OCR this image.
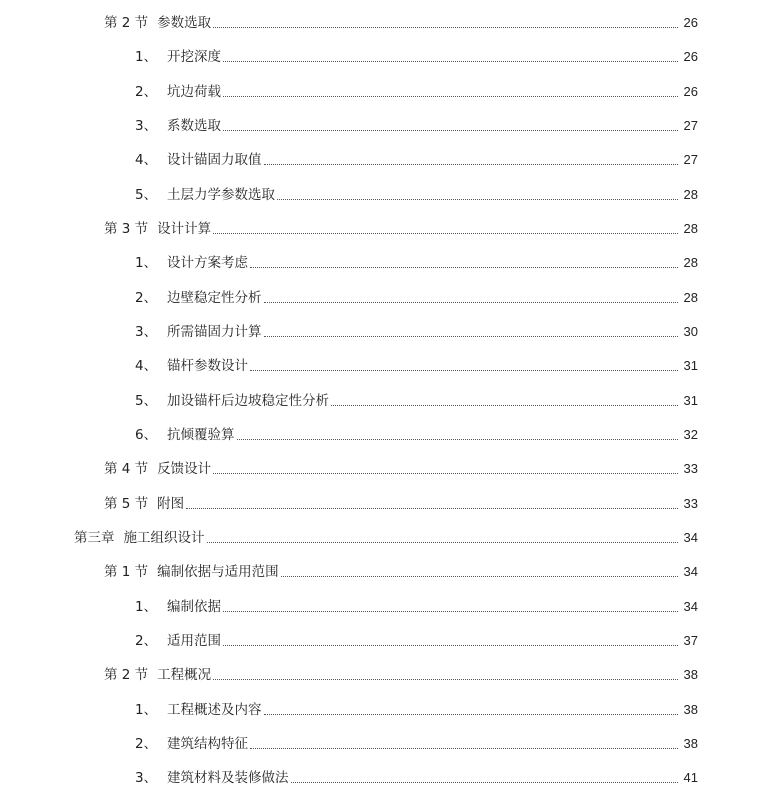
第 2 节 参数选取	26
1、 开挖深度	26
2、 坑边荷载	26
3、 系数选取	27
4、 设计锚固力取值	27
5、 土层力学参数选取	28
第 3 节 设计计算	28
1、 设计方案考虑	28
2、 边壁稳定性分析	28
3、 所需锚固力计算	30
4、 锚杆参数设计	31
5、 加设锚杆后边坡稳定性分析	31
6、 抗倾覆验算	32
第 4 节 反馈设计	33
第 5 节 附图	33
第三章 施工组织设计	34
第 1 节 编制依据与适用范围	34
1、 编制依据	34
2、 适用范围	37
第 2 节 工程概况	38
1、 工程概述及内容	38
2、 建筑结构特征	38
3、 建筑材料及装修做法	41
